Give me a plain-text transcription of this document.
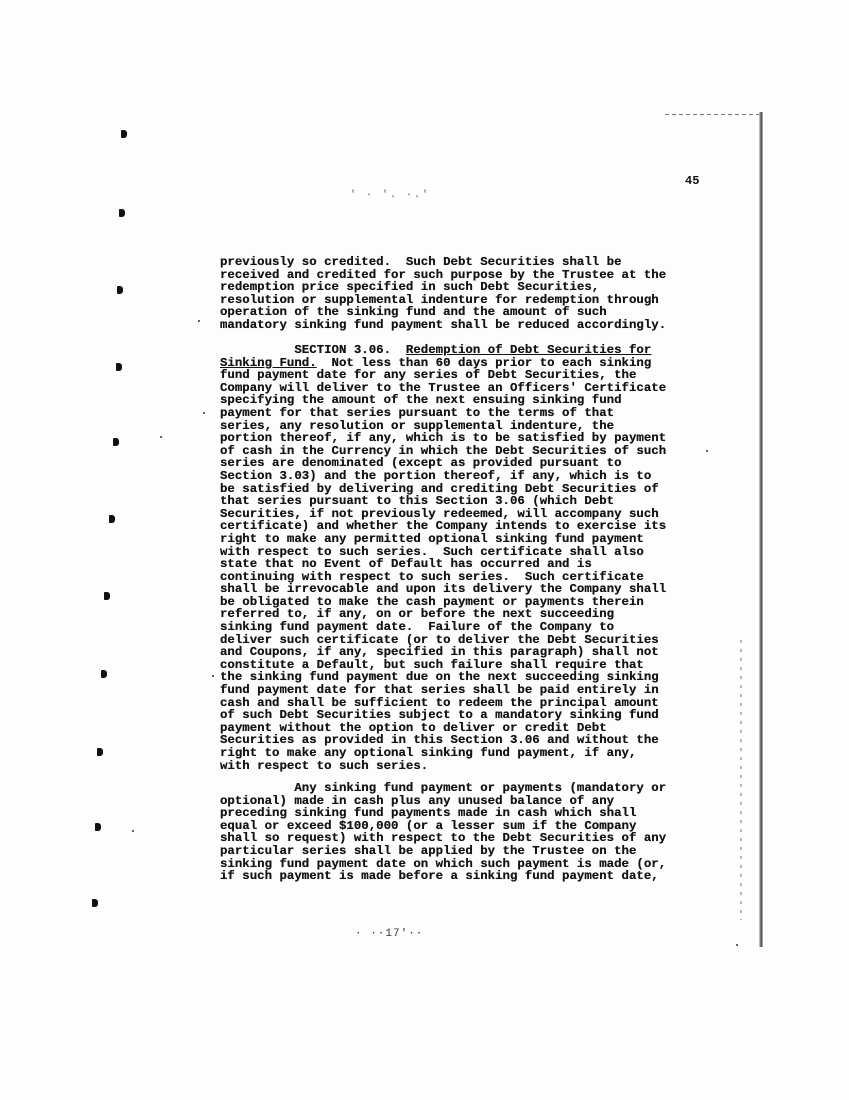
45
' · '. ·.'
· ··17'··
previously so credited.  Such Debt Securities shall be
received and credited for such purpose by the Trustee at the
redemption price specified in such Debt Securities,
resolution or supplemental indenture for redemption through
operation of the sinking fund and the amount of such
mandatory sinking fund payment shall be reduced accordingly.
SECTION 3.06. Redemption of Debt Securities for
Sinking Fund.  Not less than 60 days prior to each sinking
fund payment date for any series of Debt Securities, the
Company will deliver to the Trustee an Officers' Certificate
specifying the amount of the next ensuing sinking fund
payment for that series pursuant to the terms of that
series, any resolution or supplemental indenture, the
portion thereof, if any, which is to be satisfied by payment
of cash in the Currency in which the Debt Securities of such
series are denominated (except as provided pursuant to
Section 3.03) and the portion thereof, if any, which is to
be satisfied by delivering and crediting Debt Securities of
that series pursuant to this Section 3.06 (which Debt
Securities, if not previously redeemed, will accompany such
certificate) and whether the Company intends to exercise its
right to make any permitted optional sinking fund payment
with respect to such series.  Such certificate shall also
state that no Event of Default has occurred and is
continuing with respect to such series.  Such certificate
shall be irrevocable and upon its delivery the Company shall
be obligated to make the cash payment or payments therein
referred to, if any, on or before the next succeeding
sinking fund payment date.  Failure of the Company to
deliver such certificate (or to deliver the Debt Securities
and Coupons, if any, specified in this paragraph) shall not
constitute a Default, but such failure shall require that
the sinking fund payment due on the next succeeding sinking
fund payment date for that series shall be paid entirely in
cash and shall be sufficient to redeem the principal amount
of such Debt Securities subject to a mandatory sinking fund
payment without the option to deliver or credit Debt
Securities as provided in this Section 3.06 and without the
right to make any optional sinking fund payment, if any,
with respect to such series.
Any sinking fund payment or payments (mandatory or
optional) made in cash plus any unused balance of any
preceding sinking fund payments made in cash which shall
equal or exceed $100,000 (or a lesser sum if the Company
shall so request) with respect to the Debt Securities of any
particular series shall be applied by the Trustee on the
sinking fund payment date on which such payment is made (or,
if such payment is made before a sinking fund payment date,
